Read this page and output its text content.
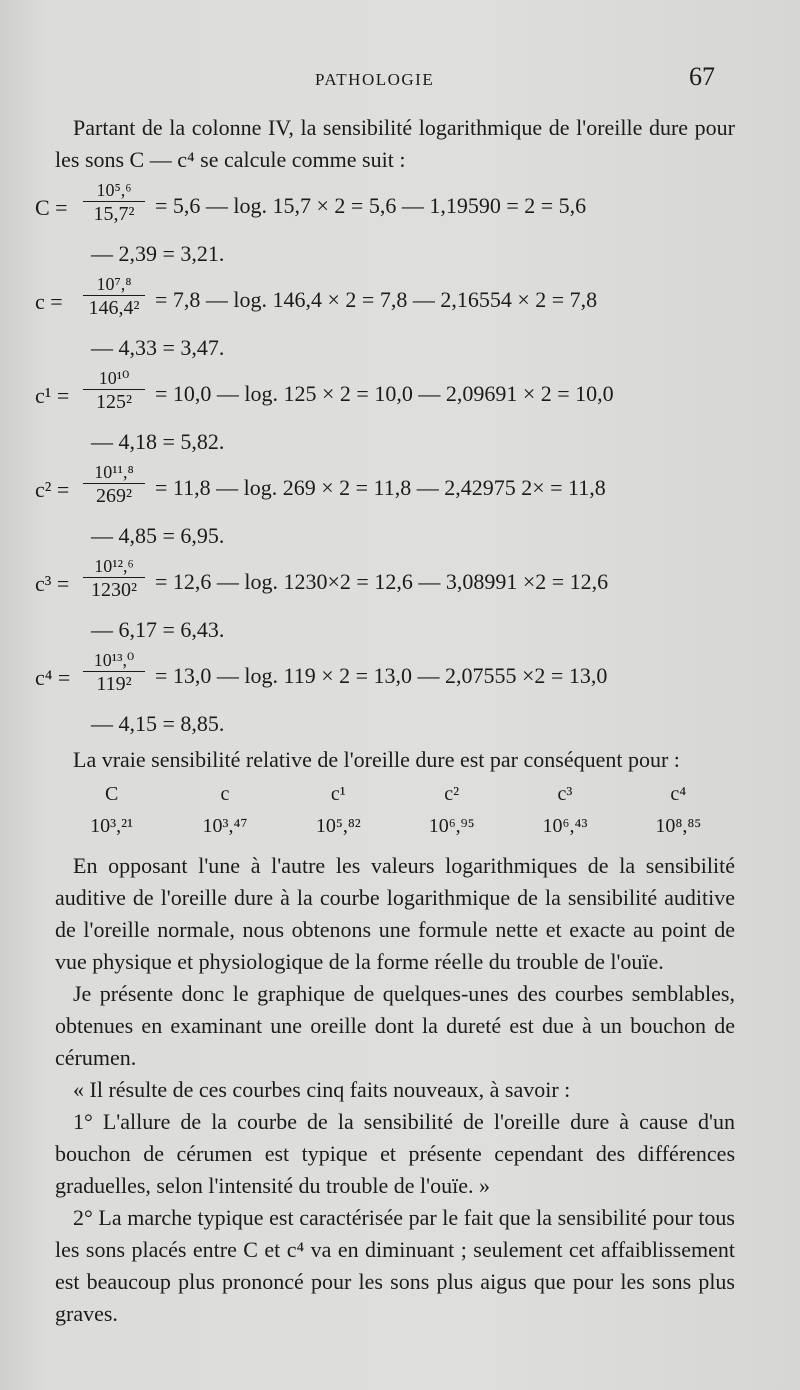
PATHOLOGIE	67

Partant de la colonne IV, la sensibilité logarithmique de l'oreille dure pour les sons C — c⁴ se calcule comme suit :

C =
10⁵,⁶
15,7² = 5,6 — log. 15,7 × 2 = 5,6 — 1,19590 = 2 = 5,6
— 2,39 = 3,21.
c =
10⁷,⁸
146,4² = 7,8 — log. 146,4 × 2 = 7,8 — 2,16554 × 2 = 7,8
— 4,33 = 3,47.
c¹ =
10¹⁰
125²	= 10,0 — log. 125 × 2 = 10,0 — 2,09691 × 2 = 10,0
— 4,18 = 5,82.
c² =
10¹¹,⁸
269²	= 11,8 — log. 269 × 2 = 11,8 — 2,42975 2× = 11,8
— 4,85 = 6,95.
c³ =
10¹²,⁶
1230² = 12,6 — log. 1230×2 = 12,6 — 3,08991 ×2 = 12,6
— 6,17 = 6,43.
c⁴ =
10¹³,⁰
119²	= 13,0 — log. 119 × 2 = 13,0 — 2,07555 ×2 = 13,0
— 4,15 = 8,85.

La vraie sensibilité relative de l'oreille dure est par conséquent pour :

C	c	c¹	c²	c³	c⁴
10³,²¹	10³,⁴⁷	10⁵,⁸²	10⁶,⁹⁵	10⁶,⁴³	10⁸,⁸⁵

En opposant l'une à l'autre les valeurs logarithmiques de la sensibilité auditive de l'oreille dure à la courbe logarithmique de la sensibilité auditive de l'oreille normale, nous obtenons une formule nette et exacte au point de vue physique et physiologique de la forme réelle du trouble de l'ouïe.

Je présente donc le graphique de quelques-unes des courbes semblables, obtenues en examinant une oreille dont la dureté est due à un bouchon de cérumen.

« Il résulte de ces courbes cinq faits nouveaux, à savoir :

1° L'allure de la courbe de la sensibilité de l'oreille dure à cause d'un bouchon de cérumen est typique et présente cependant des différences graduelles, selon l'intensité du trouble de l'ouïe. »

2° La marche typique est caractérisée par le fait que la sensibilité pour tous les sons placés entre C et c⁴ va en diminuant ; seulement cet affaiblissement est beaucoup plus prononcé pour les sons plus aigus que pour les sons plus graves.
